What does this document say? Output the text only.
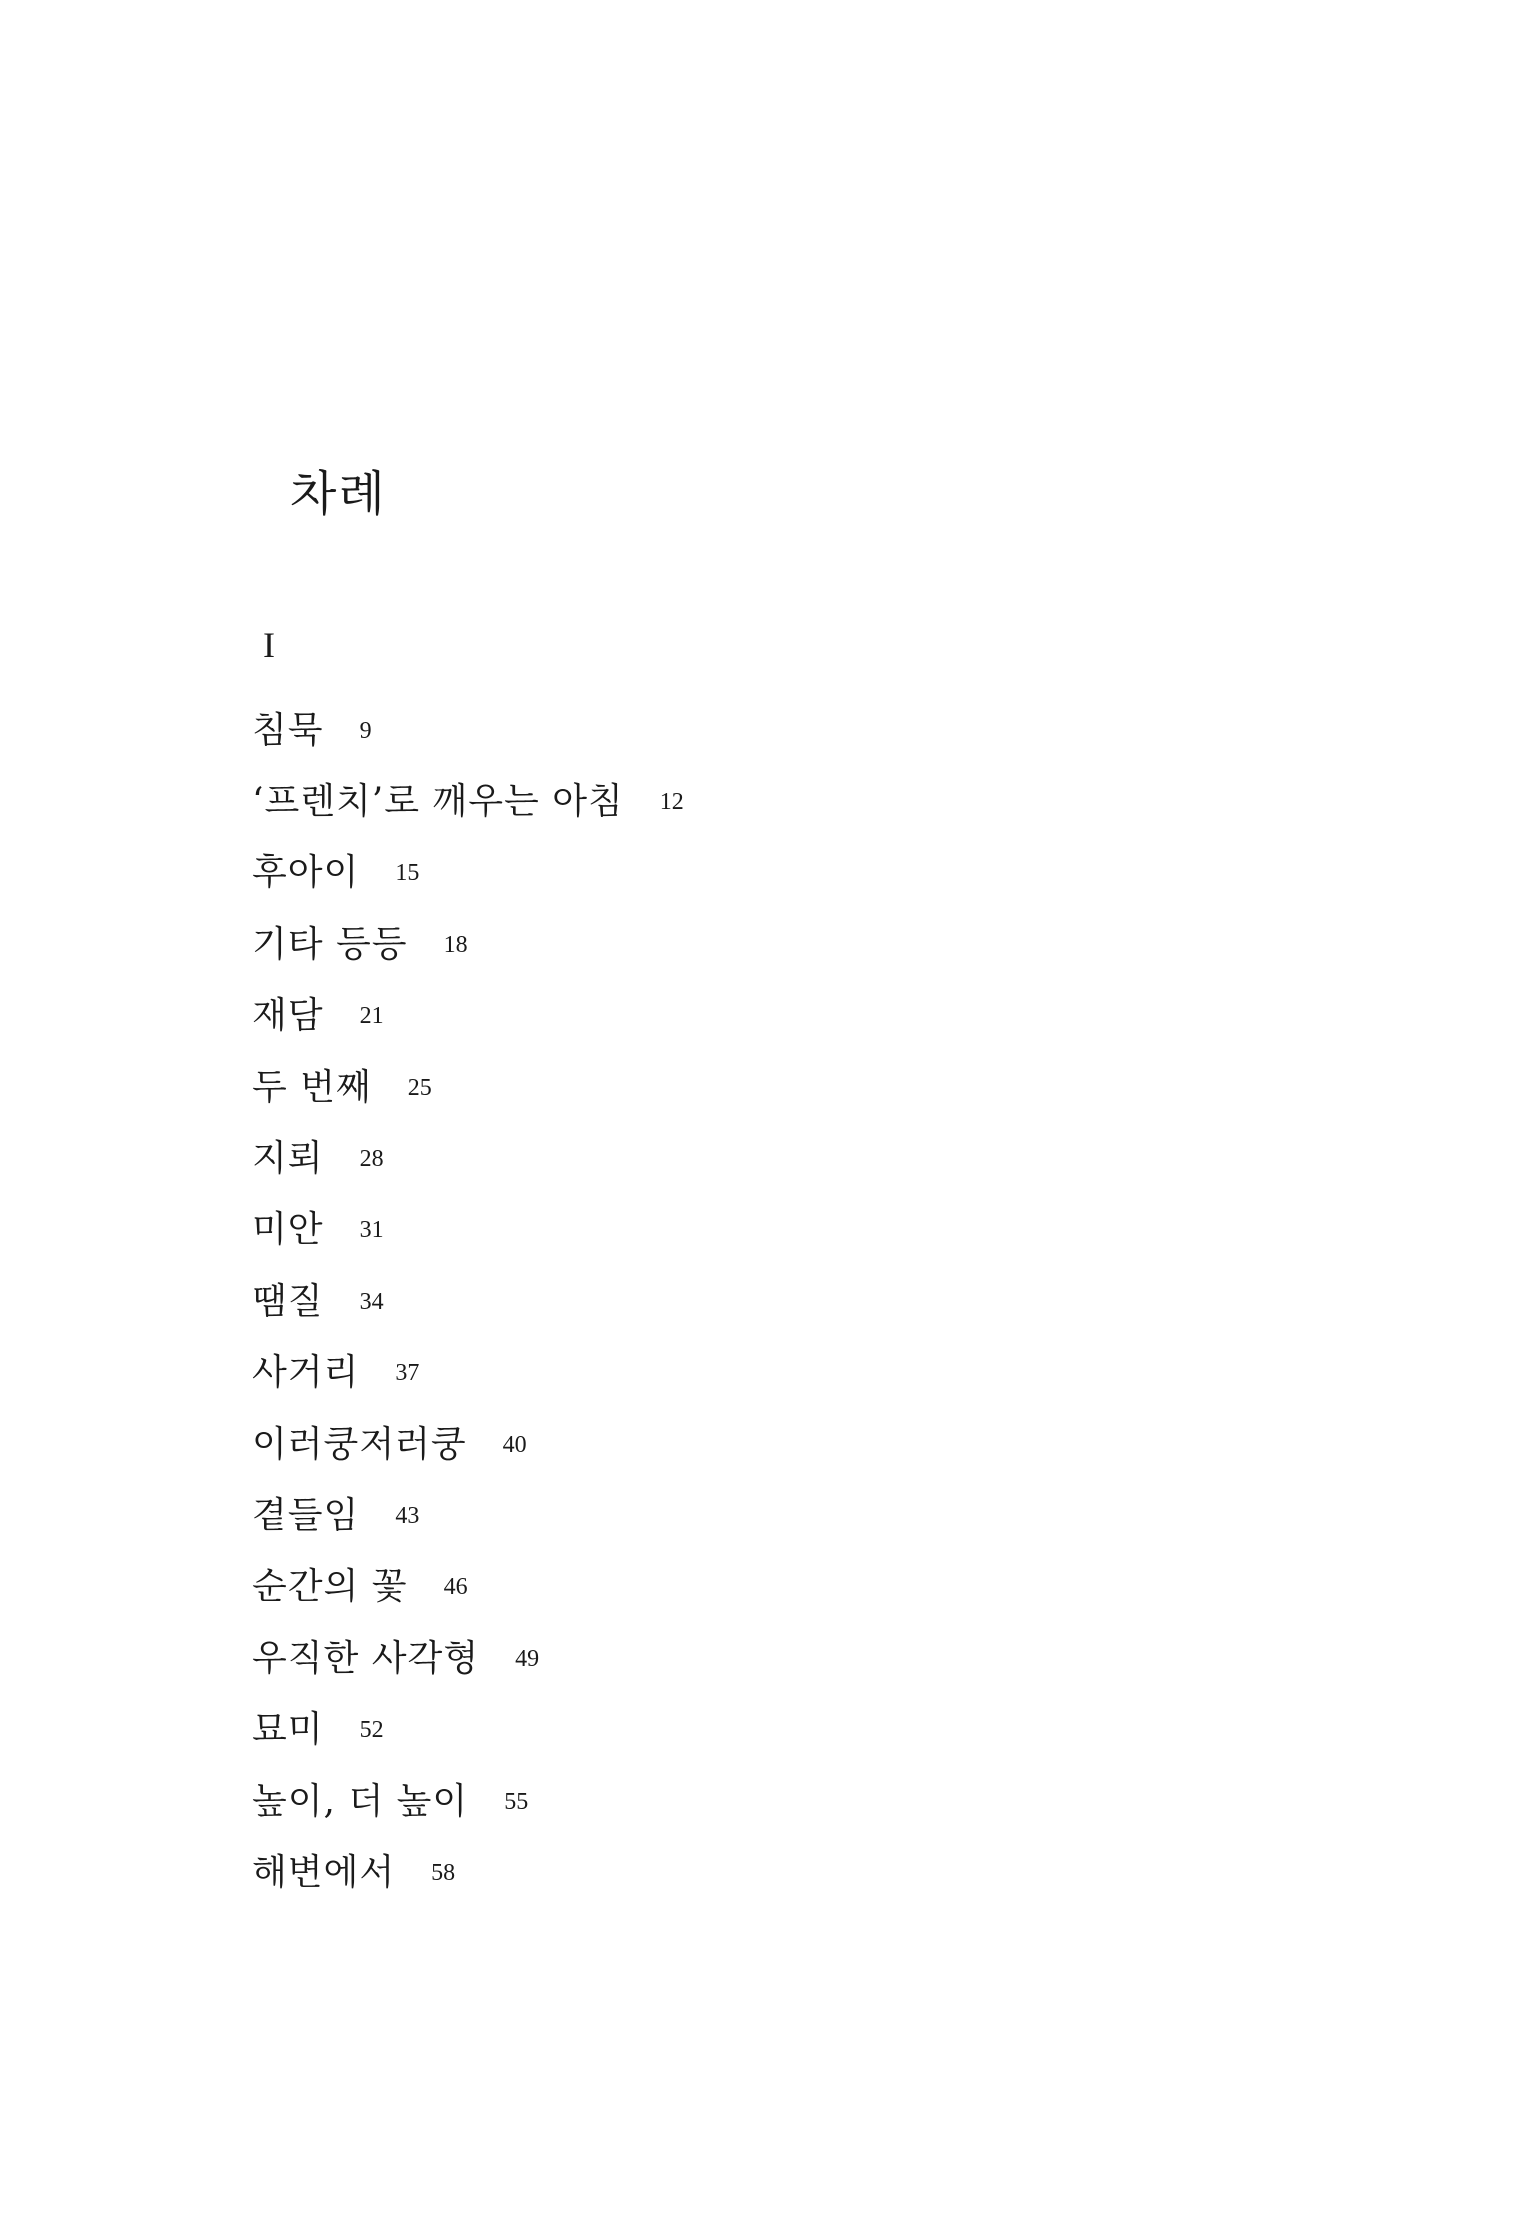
차례
I
침묵 9
‘프렌치’로 깨우는 아침 12
후아이 15
기타 등등 18
재담 21
두 번째 25
지뢰 28
미안 31
땜질 34
사거리 37
이러쿵저러쿵 40
곁들임 43
순간의 꽃 46
우직한 사각형 49
묘미 52
높이, 더 높이 55
해변에서 58
